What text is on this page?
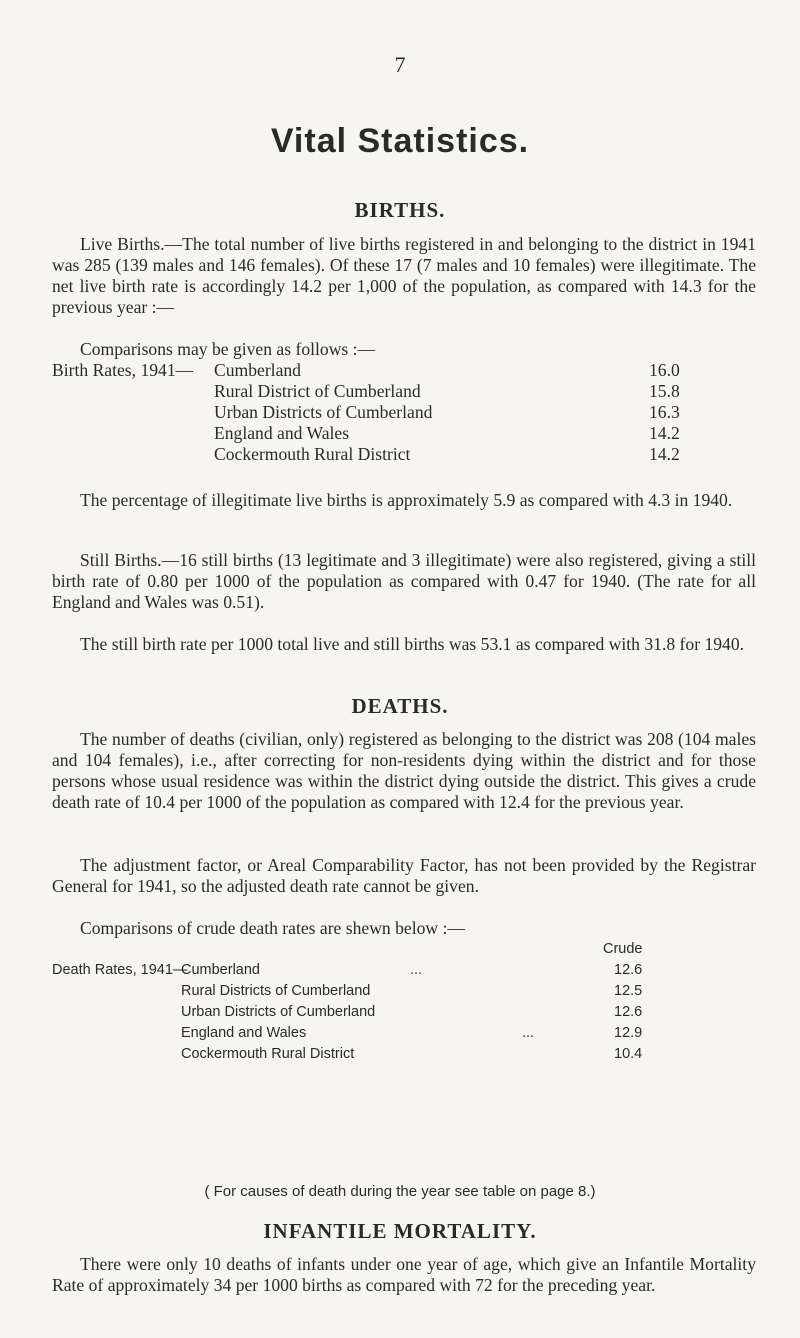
7
Vital Statistics.
BIRTHS.

Live Births.—The total number of live births registered in and belonging to the district in 1941 was 285 (139 males and 146 females). Of these 17 (7 males and 10 females) were illegitimate. The net live birth rate is accordingly 14.2 per 1,000 of the population, as compared with 14.3 for the previous year :—

Comparisons may be given as follows :—

Birth Rates, 1941— Cumberland	16.0
Rural District of Cumberland	15.8
Urban Districts of Cumberland	16.3
England and Wales	14.2
Cockermouth Rural District	14.2

The percentage of illegitimate live births is approximately 5.9 as compared with 4.3 in 1940.

Still Births.—16 still births (13 legitimate and 3 illegitimate) were also registered, giving a still birth rate of 0.80 per 1000 of the population as compared with 0.47 for 1940. (The rate for all England and Wales was 0.51).

The still birth rate per 1000 total live and still births was 53.1 as compared with 31.8 for 1940.

DEATHS.

The number of deaths (civilian, only) registered as belonging to the district was 208 (104 males and 104 females), i.e., after correcting for non-residents dying within the district and for those persons whose usual residence was within the district dying outside the district. This gives a crude death rate of 10.4 per 1000 of the population as compared with 12.4 for the previous year.

The adjustment factor, or Areal Comparability Factor, has not been provided by the Registrar General for 1941, so the adjusted death rate cannot be given.

Comparisons of crude death rates are shewn below :—

Crude
Death Rates, 1941—
Cumberland	...	12.6
Rural Districts of Cumberland	12.5
Urban Districts of Cumberland	12.6
England and Wales	...	12.9
Cockermouth Rural District	10.4
( For causes of death during the year see table on page 8.)
INFANTILE MORTALITY.

There were only 10 deaths of infants under one year of age, which give an Infantile Mortality Rate of approximately 34 per 1000 births as compared with 72 for the preceding year.
